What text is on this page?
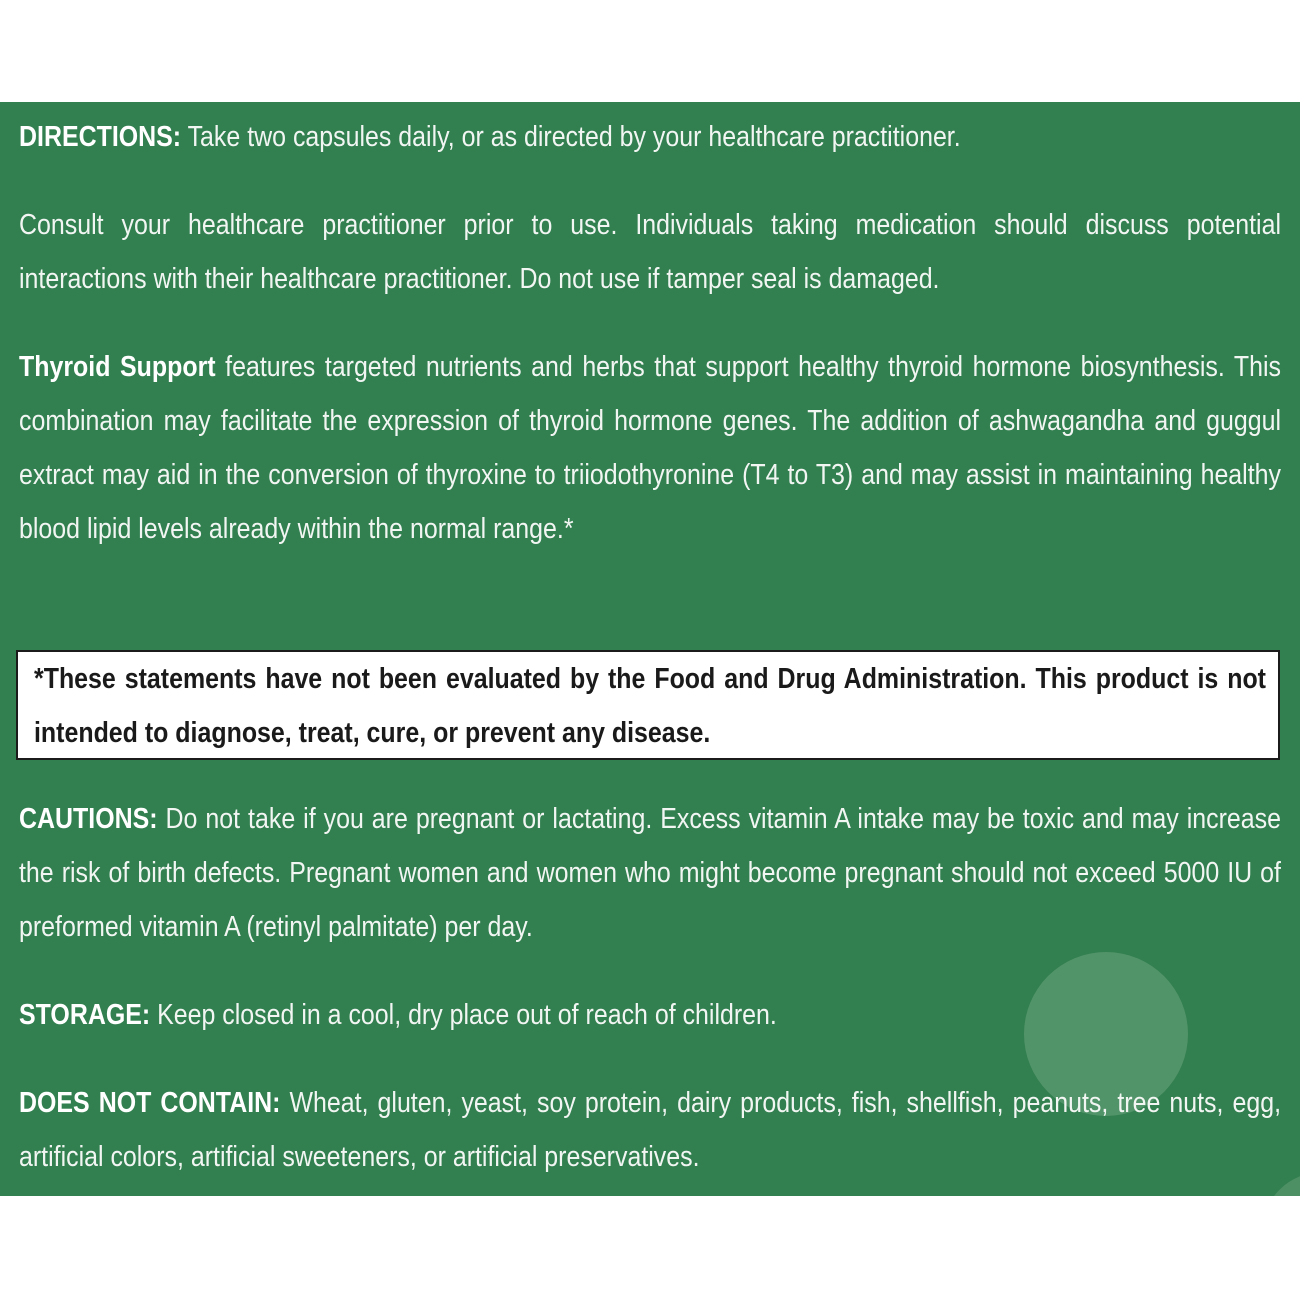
DIRECTIONS: Take two capsules daily, or as directed by your healthcare practitioner.

Consult your healthcare practitioner prior to use. Individuals taking medication should discuss potential interactions with their healthcare practitioner. Do not use if tamper seal is damaged.

Thyroid Support features targeted nutrients and herbs that support healthy thyroid hormone biosynthesis. This combination may facilitate the expression of thyroid hormone genes. The addition of ashwagandha and guggul extract may aid in the conversion of thyroxine to triiodothyronine (T4 to T3) and may assist in maintaining healthy blood lipid levels already within the normal range.*

*These statements have not been evaluated by the Food and Drug Administration. This product is not intended to diagnose, treat, cure, or prevent any disease.

CAUTIONS: Do not take if you are pregnant or lactating. Excess vitamin A intake may be toxic and may increase the risk of birth defects. Pregnant women and women who might become pregnant should not exceed 5000 IU of preformed vitamin A (retinyl palmitate) per day.

STORAGE: Keep closed in a cool, dry place out of reach of children.

DOES NOT CONTAIN: Wheat, gluten, yeast, soy protein, dairy products, fish, shellfish, peanuts, tree nuts, egg, artificial colors, artificial sweeteners, or artificial preservatives.
